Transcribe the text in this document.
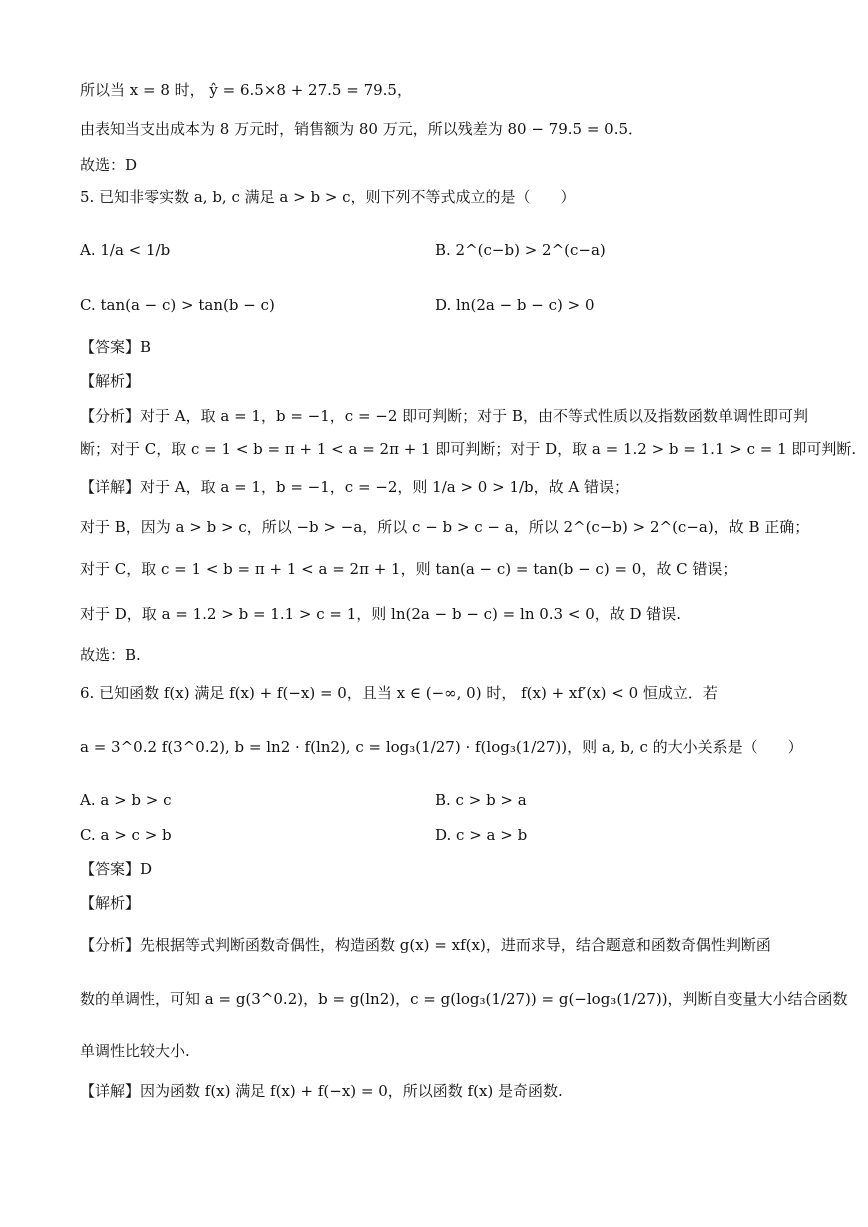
所以当 x = 8 时， ŷ = 6.5×8 + 27.5 = 79.5，
由表知当支出成本为 8 万元时，销售额为 80 万元，所以残差为 80 − 79.5 = 0.5．
故选：D
5. 已知非零实数 a, b, c 满足 a > b > c，则下列不等式成立的是（　　）
A. 1/a < 1/b	B. 2^(c−b) > 2^(c−a)
C. tan(a − c) > tan(b − c)	D. ln(2a − b − c) > 0
【答案】B
【解析】
【分析】对于 A，取 a = 1，b = −1，c = −2 即可判断；对于 B，由不等式性质以及指数函数单调性即可判
断；对于 C，取 c = 1 < b = π + 1 < a = 2π + 1 即可判断；对于 D，取 a = 1.2 > b = 1.1 > c = 1 即可判断.
【详解】对于 A，取 a = 1，b = −1，c = −2，则 1/a > 0 > 1/b，故 A 错误；
对于 B，因为 a > b > c，所以 −b > −a，所以 c − b > c − a，所以 2^(c−b) > 2^(c−a)，故 B 正确；
对于 C，取 c = 1 < b = π + 1 < a = 2π + 1，则 tan(a − c) = tan(b − c) = 0，故 C 错误；
对于 D，取 a = 1.2 > b = 1.1 > c = 1，则 ln(2a − b − c) = ln 0.3 < 0，故 D 错误.
故选：B.
6. 已知函数 f(x) 满足 f(x) + f(−x) = 0，且当 x ∈ (−∞, 0) 时， f(x) + xf′(x) < 0 恒成立．若
a = 3^0.2 f(3^0.2), b = ln2 · f(ln2), c = log₃(1/27) · f(log₃(1/27))，则 a, b, c 的大小关系是（　　）
A. a > b > c	B. c > b > a
C. a > c > b	D. c > a > b
【答案】D
【解析】
【分析】先根据等式判断函数奇偶性，构造函数 g(x) = xf(x)，进而求导，结合题意和函数奇偶性判断函
数的单调性，可知 a = g(3^0.2)，b = g(ln2)，c = g(log₃(1/27)) = g(−log₃(1/27))，判断自变量大小结合函数
单调性比较大小.
【详解】因为函数 f(x) 满足 f(x) + f(−x) = 0，所以函数 f(x) 是奇函数.
